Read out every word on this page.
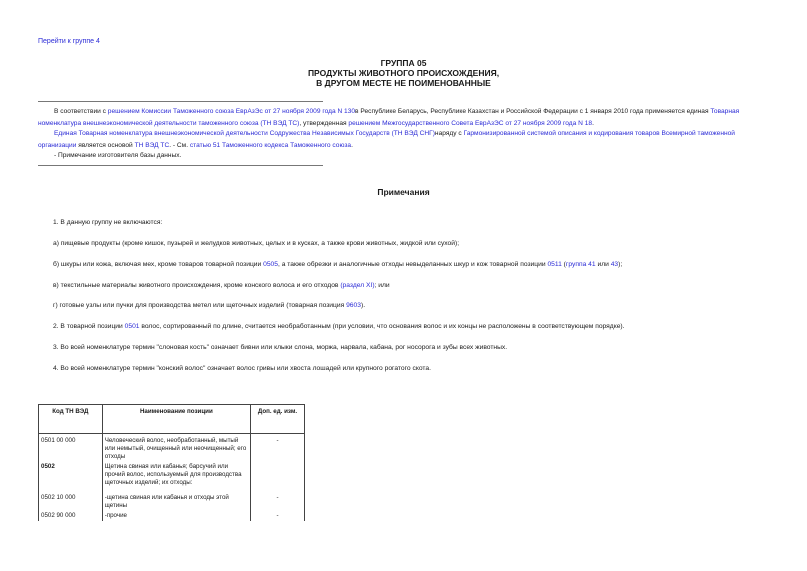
Перейти к группе 4
ГРУППА 05
ПРОДУКТЫ ЖИВОТНОГО ПРОИСХОЖДЕНИЯ,
В ДРУГОМ МЕСТЕ НЕ ПОИМЕНОВАННЫЕ
В соответствии с решением Комиссии Таможенного союза ЕврАзЭс от 27 ноября 2009 года N 130в Республике Беларусь, Республике Казахстан и Российской Федерации с 1 января 2010 года применяется единая Товарная номенклатура внешнеэкономической деятельности таможенного союза (ТН ВЭД ТС), утвержденная решением Межгосударственного Совета ЕврАзЭС от 27 ноября 2009 года N 18.
Единая Товарная номенклатура внешнеэкономической деятельности Содружества Независимых Государств (ТН ВЭД СНГ)наряду с Гармонизированной системой описания и кодирования товаров Всемирной таможенной организации является основой ТН ВЭД ТС. - См. статью 51 Таможенного кодекса Таможенного союза.
- Примечание изготовителя базы данных.
Примечания
1. В данную группу не включаются:
а) пищевые продукты (кроме кишок, пузырей и желудков животных, целых и в кусках, а также крови животных, жидкой или сухой);
б) шкуры или кожа, включая мех, кроме товаров товарной позиции 0505, а также обрезки и аналогичные отходы невыделанных шкур и кож товарной позиции 0511 (группа 41 или 43);
в) текстильные материалы животного происхождения, кроме конского волоса и его отходов (раздел XI); или
г) готовые узлы или пучки для производства метел или щеточных изделий (товарная позиция 9603).
2. В товарной позиции 0501 волос, сортированный по длине, считается необработанным (при условии, что основания волос и их концы не расположены в соответствующем порядке).
3. Во всей номенклатуре термин "слоновая кость" означает бивни или клыки слона, моржа, нарвала, кабана, рог носорога и зубы всех животных.
4. Во всей номенклатуре термин "конский волос" означает волос гривы или хвоста лошадей или крупного рогатого скота.
Код ТН ВЭД	Наименование позиции	Доп. ед. изм.
0501 00 000	Человеческий волос, необработанный, мытый или немытый, очищенный или неочищенный; его отходы	-
0502	Щетина свиная или кабанья; барсучий или прочий волос, используемый для производства щеточных изделий; их отходы:	
0502 10 000	-щетина свиная или кабанья и отходы этой щетины	-
0502 90 000	-прочие	-
